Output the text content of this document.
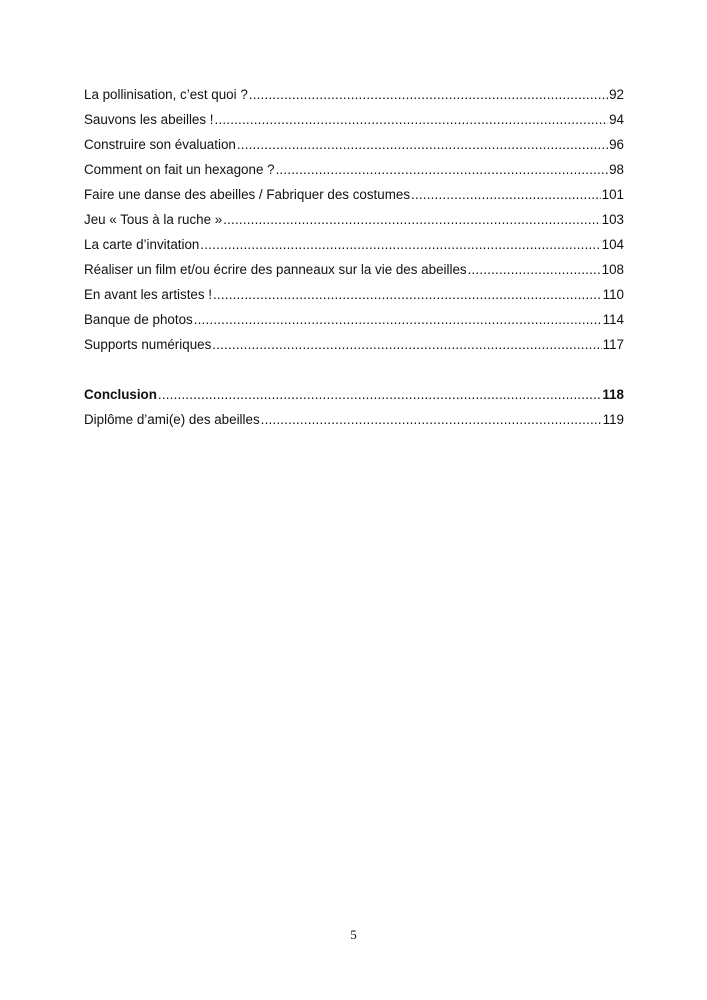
La pollinisation, c’est quoi ? .....	92
Sauvons les abeilles ! .....	94
Construire son évaluation .....	96
Comment on fait un hexagone ? .....	98
Faire une danse des abeilles / Fabriquer des costumes .....	101
Jeu « Tous à la ruche » .....	103
La carte d’invitation .....	104
Réaliser un film et/ou écrire des panneaux sur la vie des abeilles .....	108
En avant les artistes ! .....	110
Banque de photos .....	114
Supports numériques .....	117
Conclusion .....	118
Diplôme d’ami(e) des abeilles .....	119
5
